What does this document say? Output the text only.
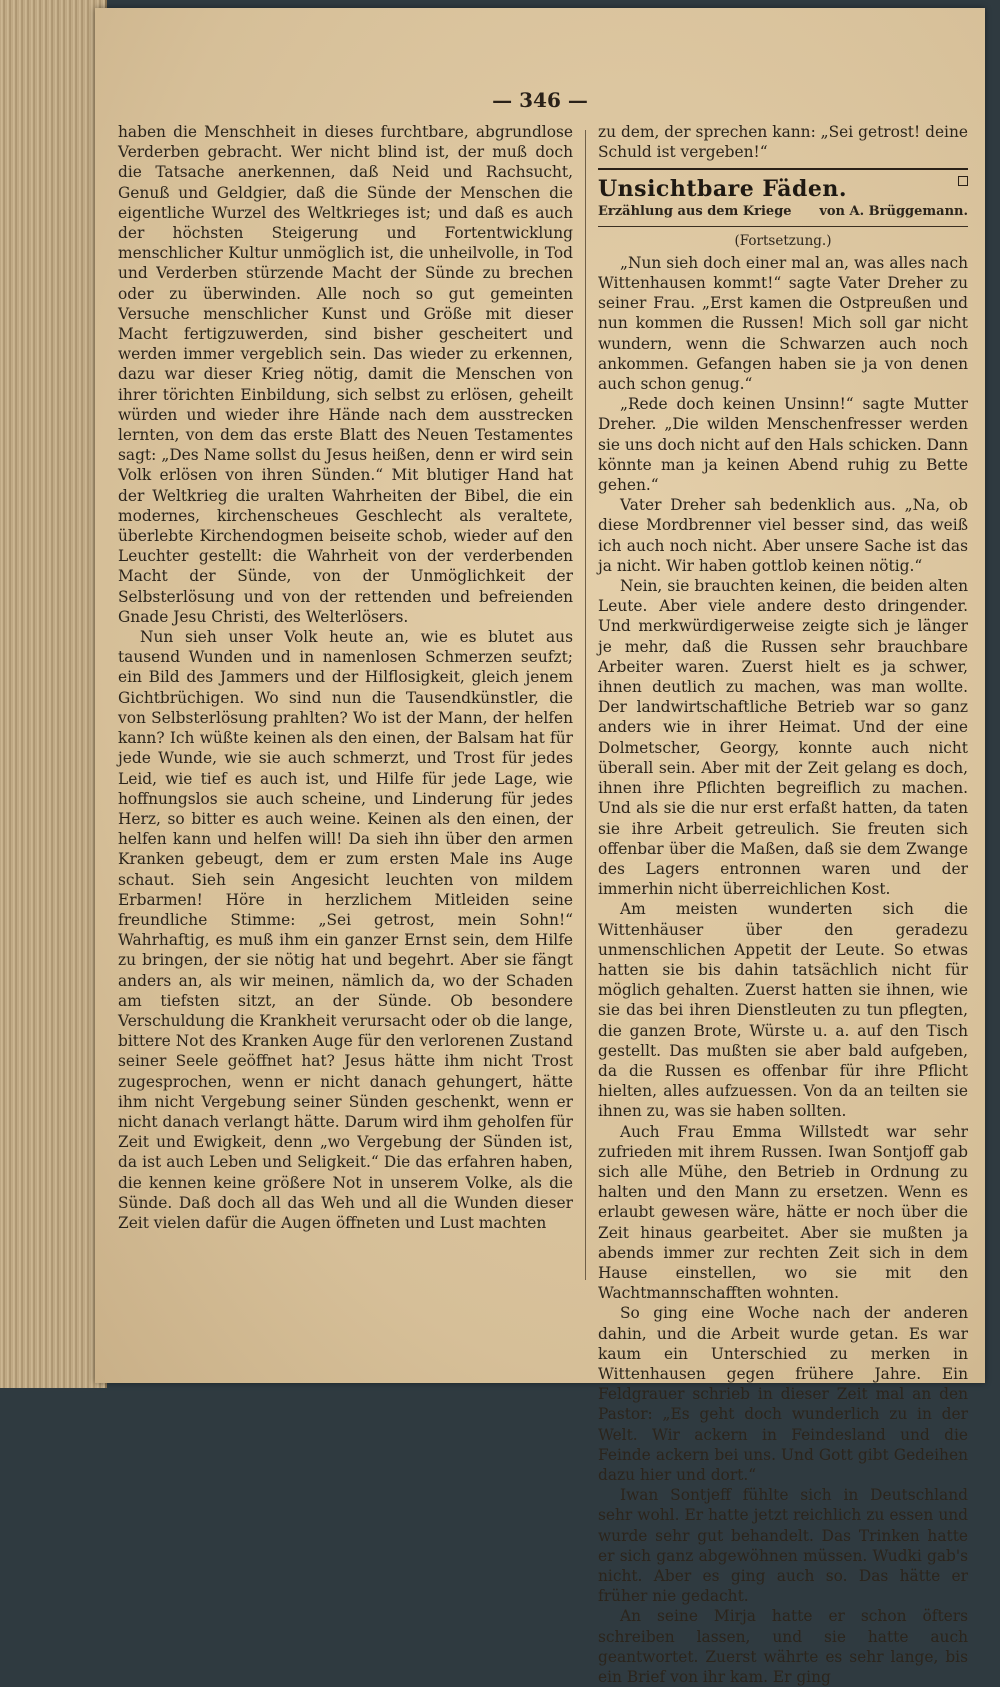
— 346 —

haben die Menschheit in dieses furchtbare, abgrundlose Verderben gebracht. Wer nicht blind ist, der muß doch die Tatsache anerkennen, daß Neid und Rachsucht, Genuß und Geldgier, daß die Sünde der Menschen die eigentliche Wurzel des Weltkrieges ist; und daß es auch der höchsten Steigerung und Fortentwicklung menschlicher Kultur unmöglich ist, die unheilvolle, in Tod und Verderben stürzende Macht der Sünde zu brechen oder zu überwinden. Alle noch so gut gemeinten Versuche menschlicher Kunst und Größe mit dieser Macht fertigzuwerden, sind bisher gescheitert und werden immer vergeblich sein. Das wieder zu erkennen, dazu war dieser Krieg nötig, damit die Menschen von ihrer törichten Einbildung, sich selbst zu erlösen, geheilt würden und wieder ihre Hände nach dem ausstrecken lernten, von dem das erste Blatt des Neuen Testamentes sagt: „Des Name sollst du Jesus heißen, denn er wird sein Volk erlösen von ihren Sünden.“ Mit blutiger Hand hat der Weltkrieg die uralten Wahrheiten der Bibel, die ein modernes, kirchenscheues Geschlecht als veraltete, überlebte Kirchendogmen beiseite schob, wieder auf den Leuchter gestellt: die Wahrheit von der verderbenden Macht der Sünde, von der Unmöglichkeit der Selbsterlösung und von der rettenden und befreienden Gnade Jesu Christi, des Welterlösers.

Nun sieh unser Volk heute an, wie es blutet aus tausend Wunden und in namenlosen Schmerzen seufzt; ein Bild des Jammers und der Hilflosigkeit, gleich jenem Gichtbrüchigen. Wo sind nun die Tausendkünstler, die von Selbsterlösung prahlten? Wo ist der Mann, der helfen kann? Ich wüßte keinen als den einen, der Balsam hat für jede Wunde, wie sie auch schmerzt, und Trost für jedes Leid, wie tief es auch ist, und Hilfe für jede Lage, wie hoffnungslos sie auch scheine, und Linderung für jedes Herz, so bitter es auch weine. Keinen als den einen, der helfen kann und helfen will! Da sieh ihn über den armen Kranken gebeugt, dem er zum ersten Male ins Auge schaut. Sieh sein Angesicht leuchten von mildem Erbarmen! Höre in herzlichem Mitleiden seine freundliche Stimme: „Sei getrost, mein Sohn!“ Wahrhaftig, es muß ihm ein ganzer Ernst sein, dem Hilfe zu bringen, der sie nötig hat und begehrt. Aber sie fängt anders an, als wir meinen, nämlich da, wo der Schaden am tiefsten sitzt, an der Sünde. Ob besondere Verschuldung die Krankheit verursacht oder ob die lange, bittere Not des Kranken Auge für den verlorenen Zustand seiner Seele geöffnet hat? Jesus hätte ihm nicht Trost zugesprochen, wenn er nicht danach gehungert, hätte ihm nicht Vergebung seiner Sünden geschenkt, wenn er nicht danach verlangt hätte. Darum wird ihm geholfen für Zeit und Ewigkeit, denn „wo Vergebung der Sünden ist, da ist auch Leben und Seligkeit.“ Die das erfahren haben, die kennen keine größere Not in unserem Volke, als die Sünde. Daß doch all das Weh und all die Wunden dieser Zeit vielen dafür die Augen öffneten und Lust machten

zu dem, der sprechen kann: „Sei getrost! deine Schuld ist vergeben!“

Unsichtbare Fäden.
Erzählung aus dem Kriege von A. Brüggemann.
(Fortsetzung.)

„Nun sieh doch einer mal an, was alles nach Wittenhausen kommt!“ sagte Vater Dreher zu seiner Frau. „Erst kamen die Ostpreußen und nun kommen die Russen! Mich soll gar nicht wundern, wenn die Schwarzen auch noch ankommen. Gefangen haben sie ja von denen auch schon genug.“

„Rede doch keinen Unsinn!“ sagte Mutter Dreher. „Die wilden Menschenfresser werden sie uns doch nicht auf den Hals schicken. Dann könnte man ja keinen Abend ruhig zu Bette gehen.“

Vater Dreher sah bedenklich aus. „Na, ob diese Mordbrenner viel besser sind, das weiß ich auch noch nicht. Aber unsere Sache ist das ja nicht. Wir haben gottlob keinen nötig.“

Nein, sie brauchten keinen, die beiden alten Leute. Aber viele andere desto dringender. Und merkwürdigerweise zeigte sich je länger je mehr, daß die Russen sehr brauchbare Arbeiter waren. Zuerst hielt es ja schwer, ihnen deutlich zu machen, was man wollte. Der landwirtschaftliche Betrieb war so ganz anders wie in ihrer Heimat. Und der eine Dolmetscher, Georgy, konnte auch nicht überall sein. Aber mit der Zeit gelang es doch, ihnen ihre Pflichten begreiflich zu machen. Und als sie die nur erst erfaßt hatten, da taten sie ihre Arbeit getreulich. Sie freuten sich offenbar über die Maßen, daß sie dem Zwange des Lagers entronnen waren und der immerhin nicht überreichlichen Kost.

Am meisten wunderten sich die Wittenhäuser über den geradezu unmenschlichen Appetit der Leute. So etwas hatten sie bis dahin tatsächlich nicht für möglich gehalten. Zuerst hatten sie ihnen, wie sie das bei ihren Dienstleuten zu tun pflegten, die ganzen Brote, Würste u. a. auf den Tisch gestellt. Das mußten sie aber bald aufgeben, da die Russen es offenbar für ihre Pflicht hielten, alles aufzuessen. Von da an teilten sie ihnen zu, was sie haben sollten.

Auch Frau Emma Willstedt war sehr zufrieden mit ihrem Russen. Iwan Sontjoff gab sich alle Mühe, den Betrieb in Ordnung zu halten und den Mann zu ersetzen. Wenn es erlaubt gewesen wäre, hätte er noch über die Zeit hinaus gearbeitet. Aber sie mußten ja abends immer zur rechten Zeit sich in dem Hause einstellen, wo sie mit den Wachtmannschafften wohnten.

So ging eine Woche nach der anderen dahin, und die Arbeit wurde getan. Es war kaum ein Unterschied zu merken in Wittenhausen gegen frühere Jahre. Ein Feldgrauer schrieb in dieser Zeit mal an den Pastor: „Es geht doch wunderlich zu in der Welt. Wir ackern in Feindesland und die Feinde ackern bei uns. Und Gott gibt Gedeihen dazu hier und dort.“

Iwan Sontjeff fühlte sich in Deutschland sehr wohl. Er hatte jetzt reichlich zu essen und wurde sehr gut behandelt. Das Trinken hatte er sich ganz abgewöhnen müssen. Wudki gab's nicht. Aber es ging auch so. Das hätte er früher nie gedacht.

An seine Mirja hatte er schon öfters schreiben lassen, und sie hatte auch geantwortet. Zuerst währte es sehr lange, bis ein Brief von ihr kam. Er ging
